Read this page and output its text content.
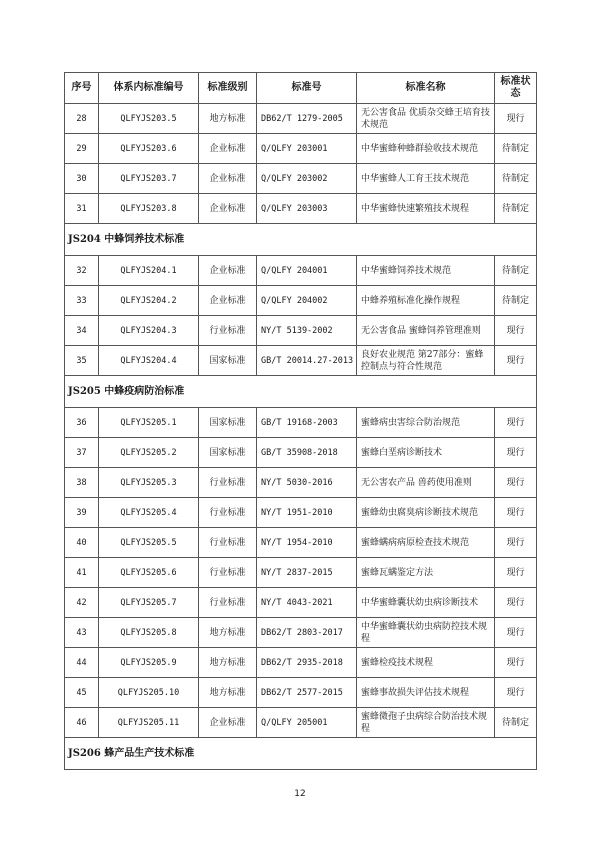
序号	体系内标准编号	标准级别	标准号	标准名称	标准状态
28	QLFYJS203.5	地方标准	DB62/T 1279-2005	无公害食品 优质杂交蜂王培育技术规范	现行
29	QLFYJS203.6	企业标准	Q/QLFY 203001	中华蜜蜂种蜂群验收技术规范	待制定
30	QLFYJS203.7	企业标准	Q/QLFY 203002	中华蜜蜂人工育王技术规范	待制定
31	QLFYJS203.8	企业标准	Q/QLFY 203003	中华蜜蜂快速繁殖技术规程	待制定
JS204 中蜂饲养技术标准					
32	QLFYJS204.1	企业标准	Q/QLFY 204001	中华蜜蜂饲养技术规范	待制定
33	QLFYJS204.2	企业标准	Q/QLFY 204002	中蜂养殖标准化操作规程	待制定
34	QLFYJS204.3	行业标准	NY/T 5139-2002	无公害食品 蜜蜂饲养管理准则	现行
35	QLFYJS204.4	国家标准	GB/T 20014.27-2013	良好农业规范 第27部分：蜜蜂控制点与符合性规范	现行
JS205 中蜂疫病防治标准					
36	QLFYJS205.1	国家标准	GB/T 19168-2003	蜜蜂病虫害综合防治规范	现行
37	QLFYJS205.2	国家标准	GB/T 35908-2018	蜜蜂白垩病诊断技术	现行
38	QLFYJS205.3	行业标准	NY/T 5030-2016	无公害农产品 兽药使用准则	现行
39	QLFYJS205.4	行业标准	NY/T 1951-2010	蜜蜂幼虫腐臭病诊断技术规范	现行
40	QLFYJS205.5	行业标准	NY/T 1954-2010	蜜蜂螨病病原检查技术规范	现行
41	QLFYJS205.6	行业标准	NY/T 2837-2015	蜜蜂瓦螨鉴定方法	现行
42	QLFYJS205.7	行业标准	NY/T 4043-2021	中华蜜蜂囊状幼虫病诊断技术	现行
43	QLFYJS205.8	地方标准	DB62/T 2803-2017	中华蜜蜂囊状幼虫病防控技术规程	现行
44	QLFYJS205.9	地方标准	DB62/T 2935-2018	蜜蜂检疫技术规程	现行
45	QLFYJS205.10	地方标准	DB62/T 2577-2015	蜜蜂事故损失评估技术规程	现行
46	QLFYJS205.11	企业标准	Q/QLFY 205001	蜜蜂微孢子虫病综合防治技术规程	待制定
JS206 蜂产品生产技术标准					
12
